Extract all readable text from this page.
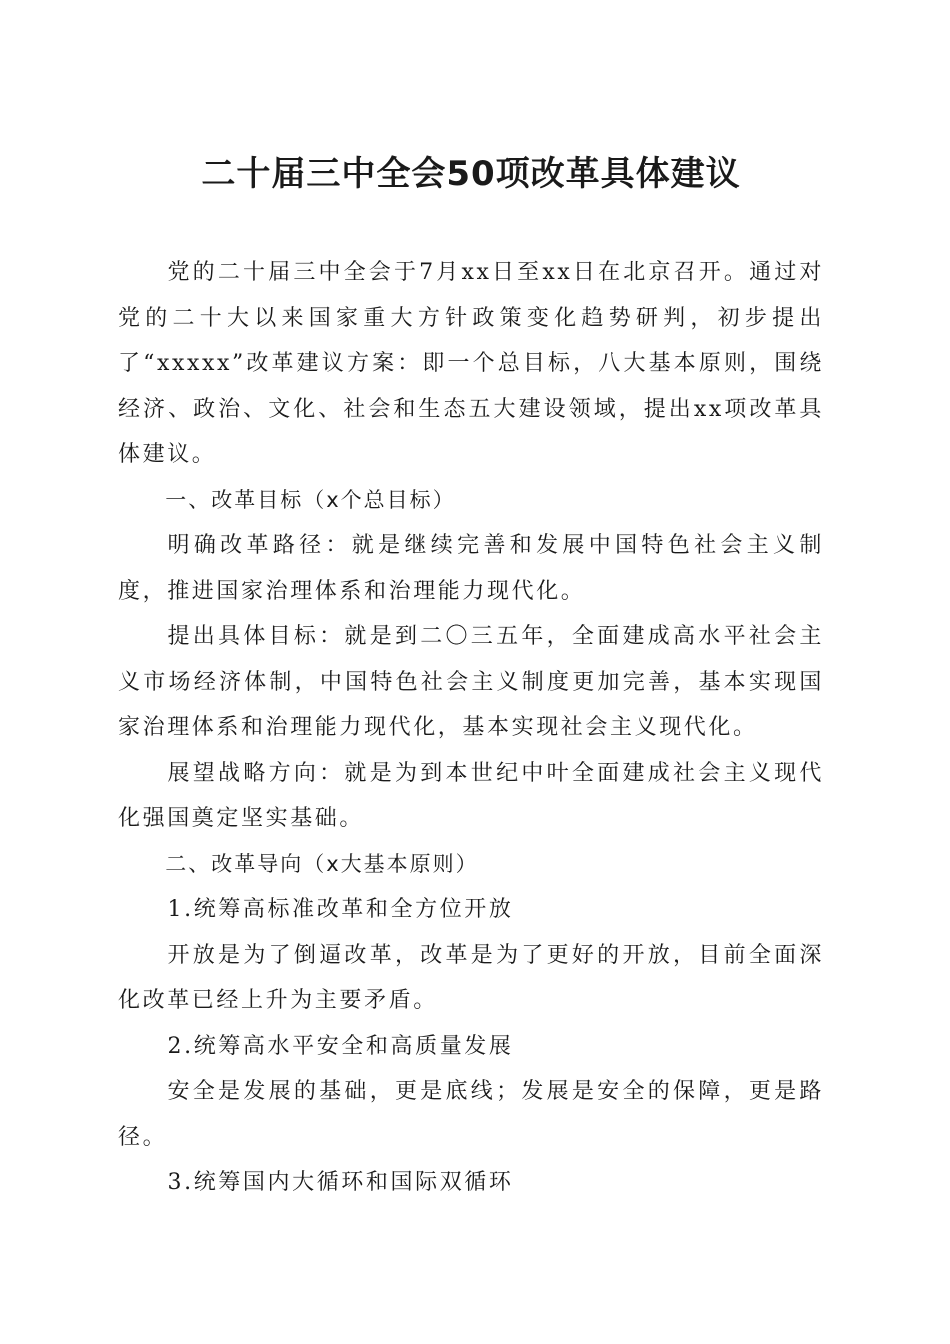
二十届三中全会50项改革具体建议

党的二十届三中全会于7月xx日至xx日在北京召开。通过对党的二十大以来国家重大方针政策变化趋势研判，初步提出了“xxxxx”改革建议方案：即一个总目标，八大基本原则，围绕经济、政治、文化、社会和生态五大建设领域，提出xx项改革具体建议。

一、改革目标（x个总目标）

明确改革路径：就是继续完善和发展中国特色社会主义制度，推进国家治理体系和治理能力现代化。

提出具体目标：就是到二〇三五年，全面建成高水平社会主义市场经济体制，中国特色社会主义制度更加完善，基本实现国家治理体系和治理能力现代化，基本实现社会主义现代化。

展望战略方向：就是为到本世纪中叶全面建成社会主义现代化强国奠定坚实基础。

二、改革导向（x大基本原则）

1.统筹高标准改革和全方位开放

开放是为了倒逼改革，改革是为了更好的开放，目前全面深化改革已经上升为主要矛盾。

2.统筹高水平安全和高质量发展

安全是发展的基础，更是底线；发展是安全的保障，更是路径。

3.统筹国内大循环和国际双循环
